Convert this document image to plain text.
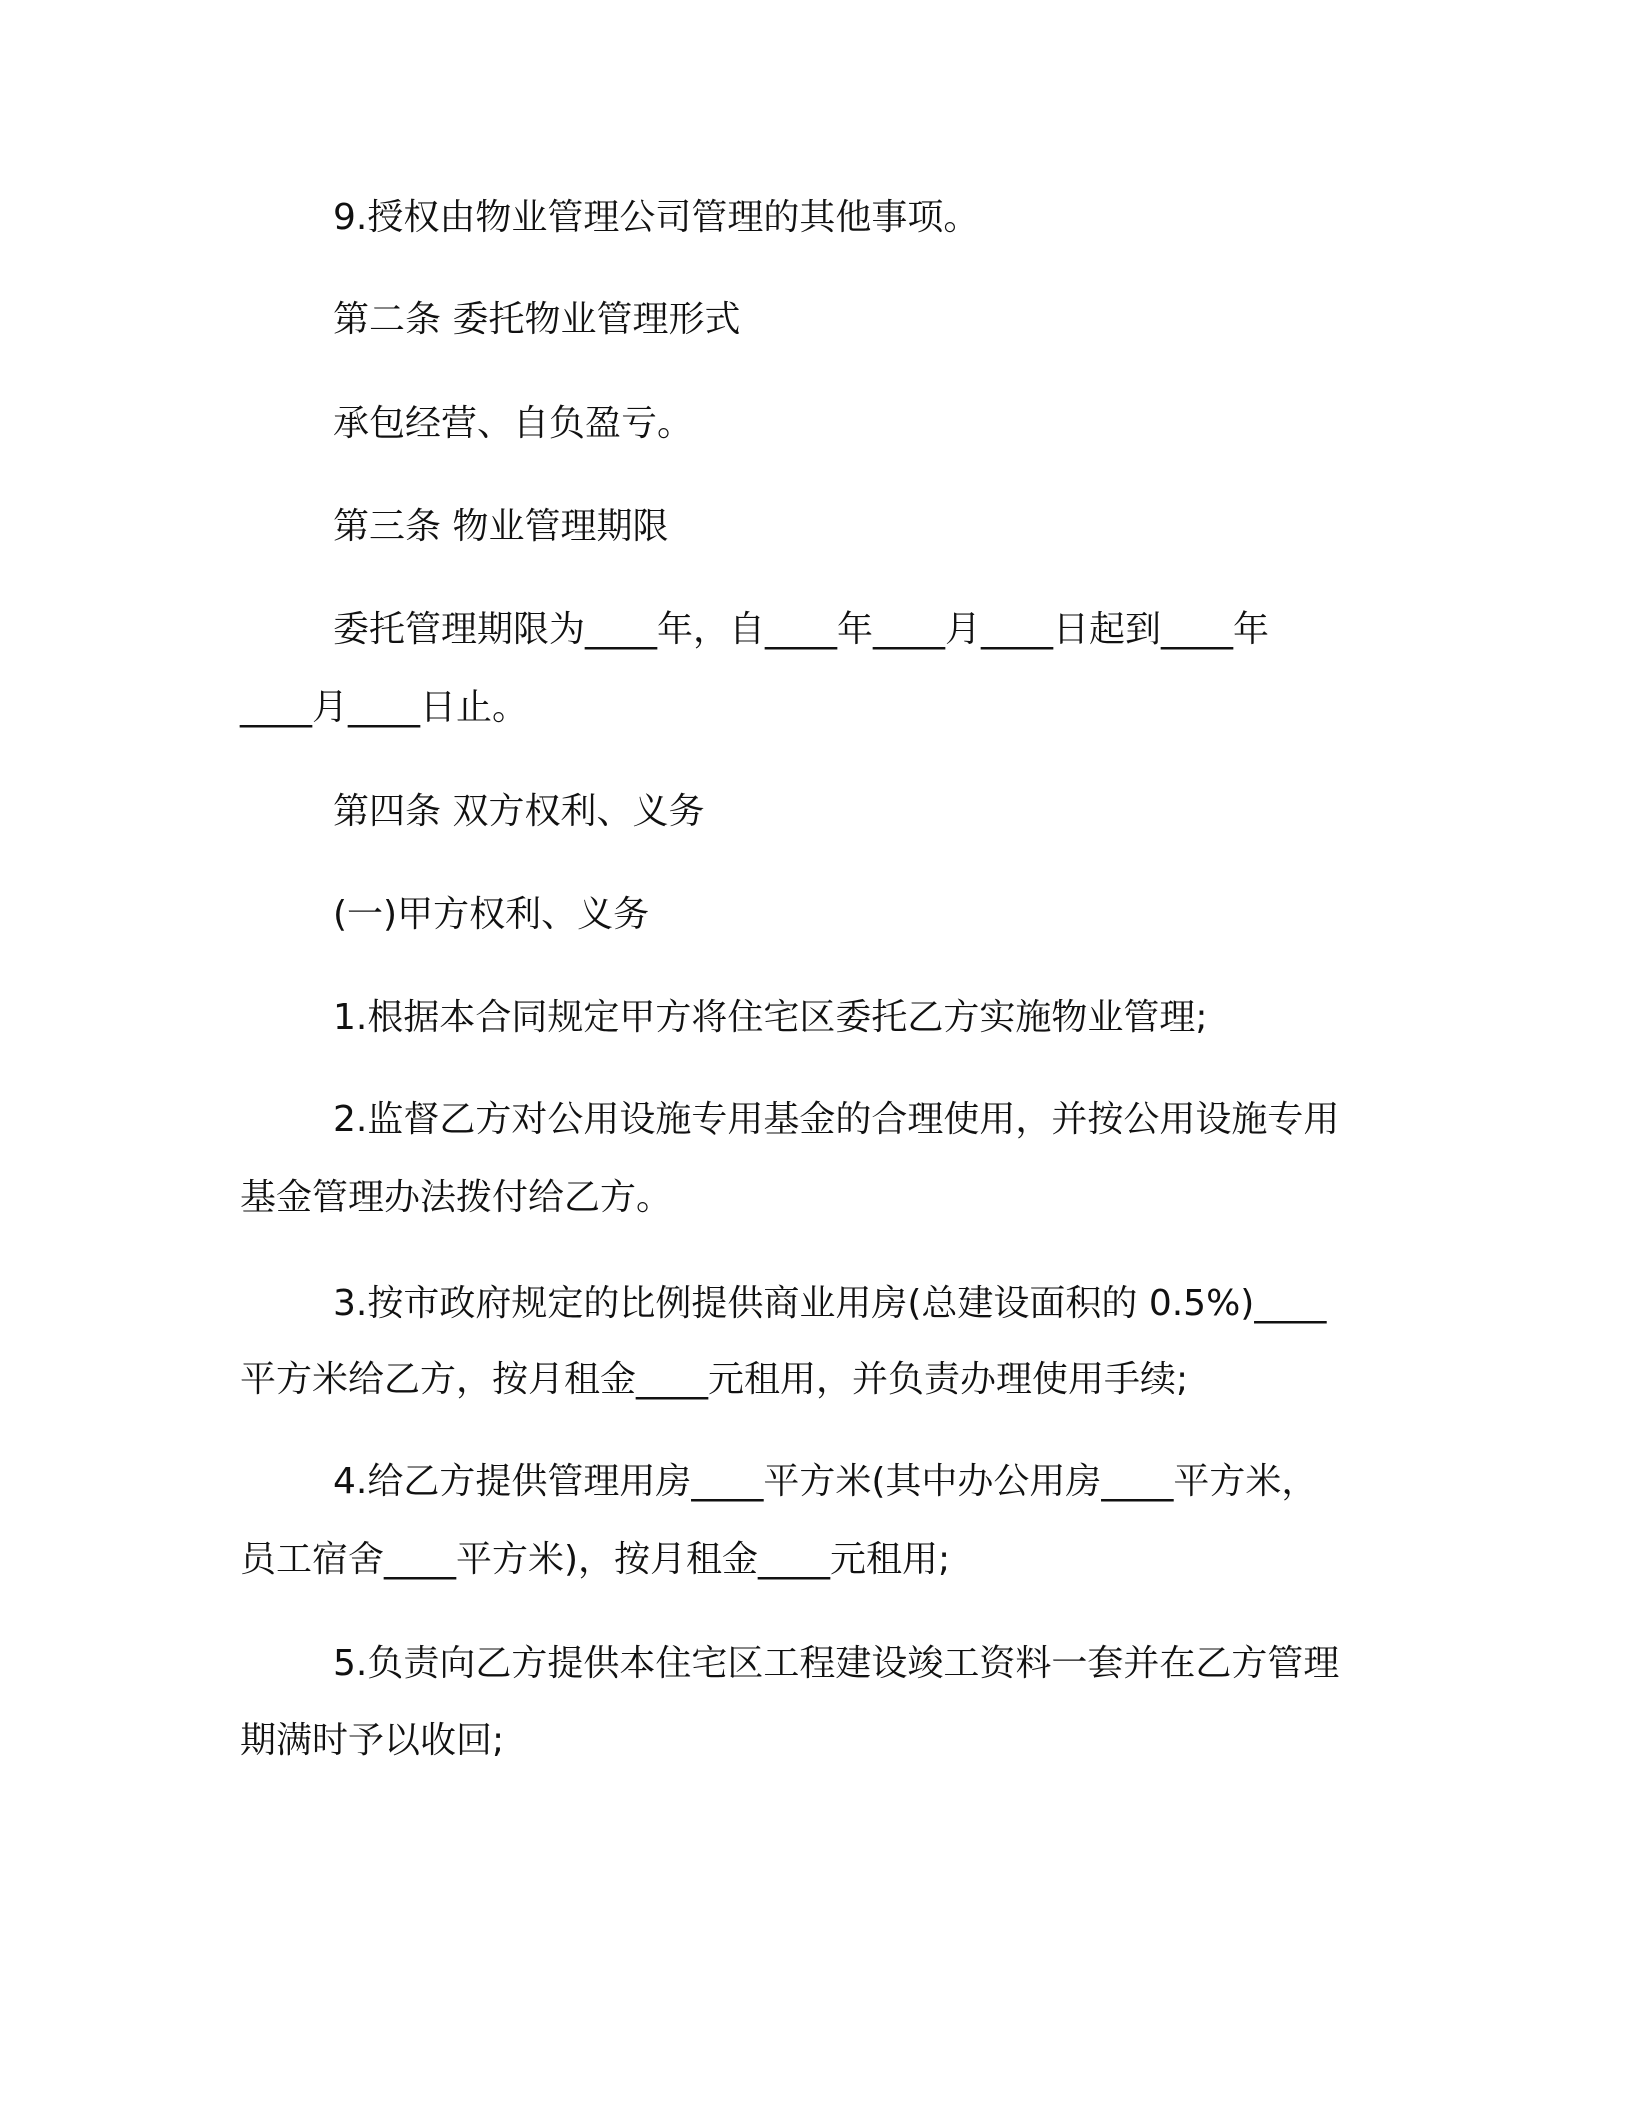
9.授权由物业管理公司管理的其他事项。

第二条 委托物业管理形式

承包经营、自负盈亏。

第三条 物业管理期限

委托管理期限为____年，自____年____月____日起到____年

____月____日止。

第四条 双方权利、义务

(一)甲方权利、义务

1.根据本合同规定甲方将住宅区委托乙方实施物业管理;

2.监督乙方对公用设施专用基金的合理使用，并按公用设施专用

基金管理办法拨付给乙方。

3.按市政府规定的比例提供商业用房(总建设面积的 0.5%)____

平方米给乙方，按月租金____元租用，并负责办理使用手续;

4.给乙方提供管理用房____平方米(其中办公用房____平方米，

员工宿舍____平方米)，按月租金____元租用;

5.负责向乙方提供本住宅区工程建设竣工资料一套并在乙方管理

期满时予以收回;
